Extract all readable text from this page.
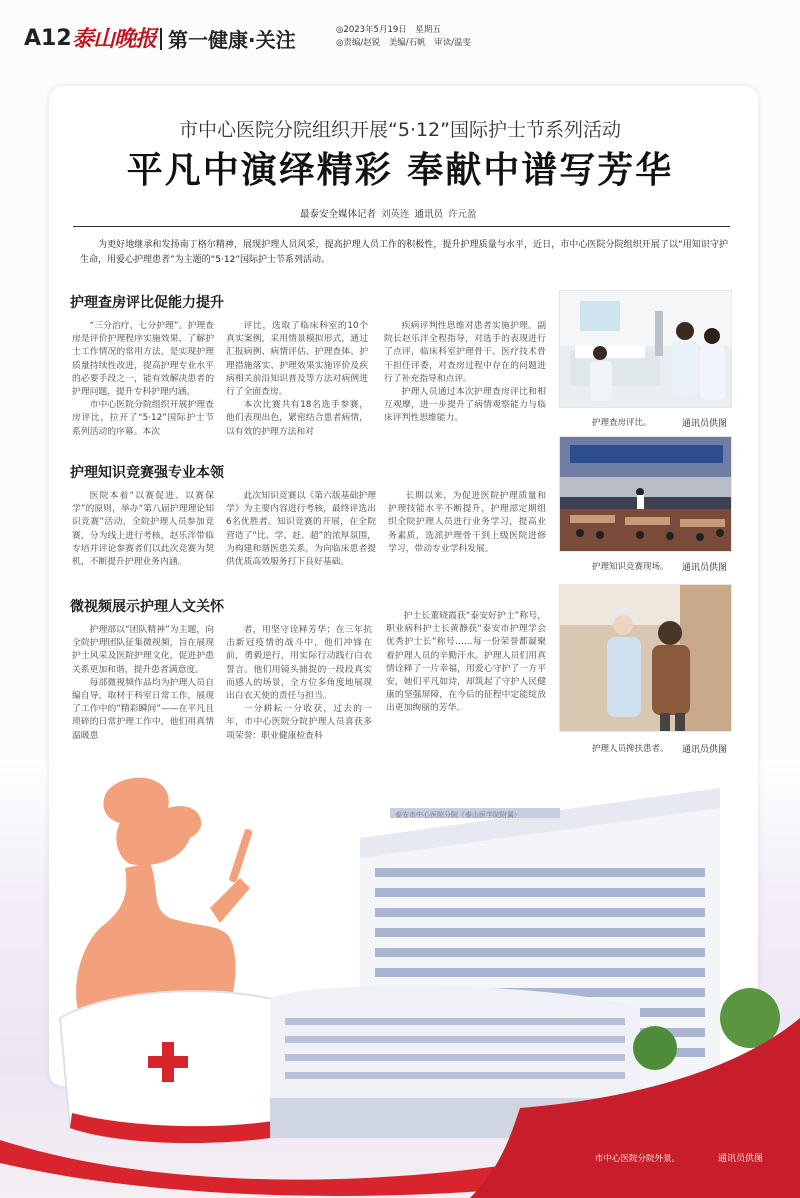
A12 泰山晚报 第一健康·关注	◎2023年5月19日　星期五
◎责编/赵锐　美编/石帆　审读/温雯
市中心医院分院组织开展“5·12”国际护士节系列活动
平凡中演绎精彩 奉献中谱写芳华
最泰安全媒体记者 刘英连 通讯员 许元盈
为更好地继承和发扬南丁格尔精神，展现护理人员风采，提高护理人员工作的积极性，提升护理质量与水平，近日，市中心医院分院组织开展了以“用知识守护生命，用爱心护理患者”为主题的“5·12”国际护士节系列活动。
护理查房评比促能力提升

“三分治疗，七分护理”。护理查房是评价护理程序实施效果、了解护士工作情况的常用方法，是实现护理质量持续性改进，提高护理专业水平的必要手段之一，能有效解决患者的护理问题，提升专科护理内涵。

市中心医院分院组织开展护理查房评比，拉开了“5·12”国际护士节系列活动的序幕。本次

评比，选取了临床科室的10个真实案例，采用情景模拟形式，通过汇报病例、病情评估、护理查体、护理措施落实、护理效果实施评价及疾病相关前沿知识普及等方法对病例进行了全面查房。

本次比赛共有18名选手参赛，他们表现出色，紧密结合患者病情，以有效的护理方法和对

疾病评判性思维对患者实施护理。副院长赵乐泮全程指导，对选手的表现进行了点评，临床科室护理骨干、医疗技术骨干担任评委，对查房过程中存在的问题进行了补充指导和点评。

护理人员通过本次护理查房评比和相互观摩，进一步提升了病情观察能力与临床评判性思维能力。	护理查房评比。	通讯员供图
护理知识竞赛强专业本领

医院本着“以赛促进、以赛保学”的原则，举办“第八届护理理论知识竞赛”活动，全院护理人员参加竞赛，分为线上进行考核，赵乐泮带临专培并评论参赛者们以此次竞赛为契机，不断提升护理业务内涵。

此次知识竞赛以《第六版基础护理学》为主要内容进行考核，最终评选出6名优胜者。知识竞赛的开展，在全院营造了“比、学、赶、超”的浓厚氛围，为构建和谐医患关系，为向临床患者提供优质高效服务打下良好基础。

长期以来，为促进医院护理质量和护理技能水平不断提升，护理部定期组织全院护理人员进行业务学习，提高业务素质，选派护理骨干到上级医院进修学习，带动专业学科发展。

护理知识竞赛现场。 通讯员供图
微视频展示护理人文关怀

护理部以“团队精神”为主题，向全院护理团队征集微视频，旨在展现护士风采及医院护理文化，促进护患关系更加和谐，提升患者满意度。

每部微视频作品均为护理人员自编自导，取材于科室日常工作，展现了工作中的“精彩瞬间”——在平凡且琐碎的日常护理工作中，他们用真情温暖患

者，用坚守诠释芳华；在三年抗击新冠疫情的战斗中，他们冲锋在前，勇毅逆行，用实际行动践行白衣誓言。他们用镜头捕捉的一段段真实而感人的场景，全方位多角度地展现出白衣天使的责任与担当。

一分耕耘一分收获，过去的一年，市中心医院分院护理人员喜获多项荣誉：职业健康检查科

护士长董晓霞获“泰安好护士”称号，职业病科护士长黄静获“泰安市护理学会优秀护士长”称号……每一份荣誉都凝聚着护理人员的辛勤汗水。护理人员们用真情诠释了一片幸福，用爱心守护了一方平安，她们平凡如诗，却筑起了守护人民健康的坚强屏障，在今后的征程中定能绽放出更加绚丽的芳华。

护理人员搀扶患者。 通讯员供图
泰安市中心医院分院（泰山医学院附属）
市中心医院分院外景。	通讯员供图
